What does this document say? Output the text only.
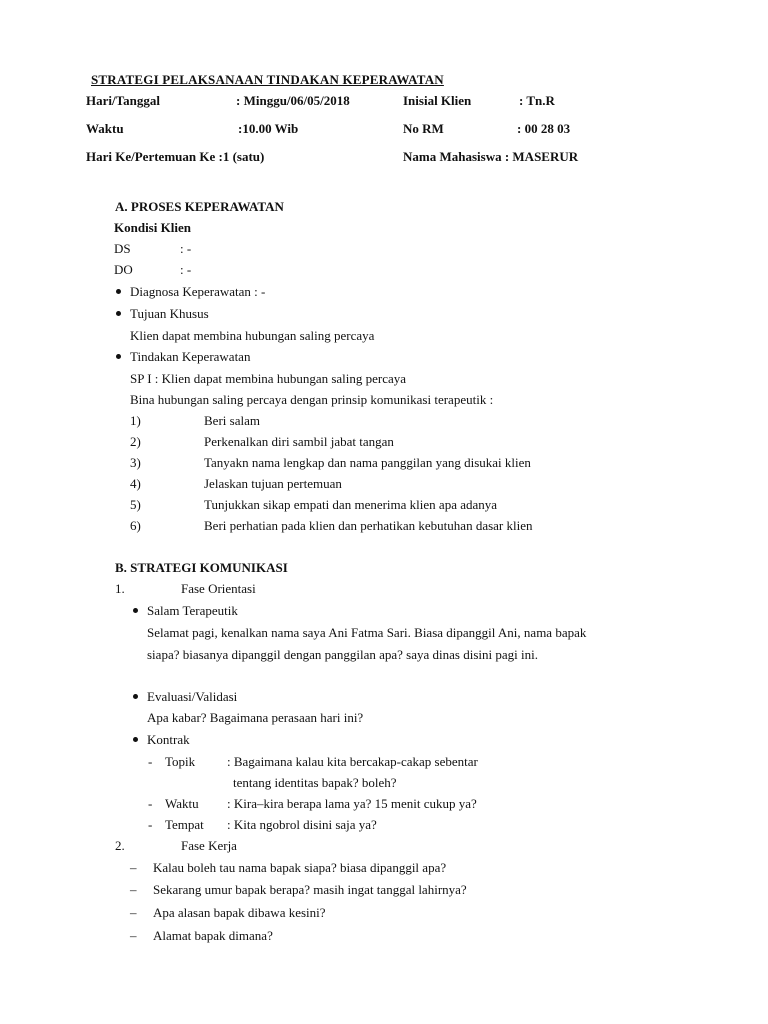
STRATEGI PELAKSANAAN TINDAKAN KEPERAWATAN
Hari/Tanggal	: Minggu/06/05/2018	Inisial Klien	: Tn.R
Waktu	:10.00 Wib	No RM	: 00 28 03
Hari Ke/Pertemuan Ke :1 (satu)	Nama Mahasiswa : MASERUR
A. PROSES KEPERAWATAN
Kondisi Klien
DS	: -
DO	: -
Diagnosa Keperawatan : -
Tujuan Khusus
Klien dapat membina hubungan saling percaya
Tindakan Keperawatan
SP I : Klien dapat membina hubungan saling percaya
Bina hubungan saling percaya dengan prinsip komunikasi terapeutik :
1)	Beri salam
2)	Perkenalkan diri sambil jabat tangan
3)	Tanyakn nama lengkap dan nama panggilan yang disukai klien
4)	Jelaskan tujuan pertemuan
5)	Tunjukkan sikap empati dan menerima klien apa adanya
6)	Beri perhatian pada klien dan perhatikan kebutuhan dasar klien
B. STRATEGI KOMUNIKASI
1.	Fase Orientasi
Salam Terapeutik
Selamat pagi, kenalkan nama saya Ani Fatma Sari. Biasa dipanggil Ani, nama bapak
siapa? biasanya dipanggil dengan panggilan apa? saya dinas disini pagi ini.
Evaluasi/Validasi
Apa kabar? Bagaimana perasaan hari ini?
Kontrak
- Topik : Bagaimana kalau kita bercakap-cakap sebentar
tentang identitas bapak? boleh?
- Waktu : Kira–kira berapa lama ya? 15 menit cukup ya?
- Tempat : Kita ngobrol disini saja ya?
2.	Fase Kerja
– Kalau boleh tau nama bapak siapa? biasa dipanggil apa?
– Sekarang umur bapak berapa? masih ingat tanggal lahirnya?
– Apa alasan bapak dibawa kesini?
– Alamat bapak dimana?
